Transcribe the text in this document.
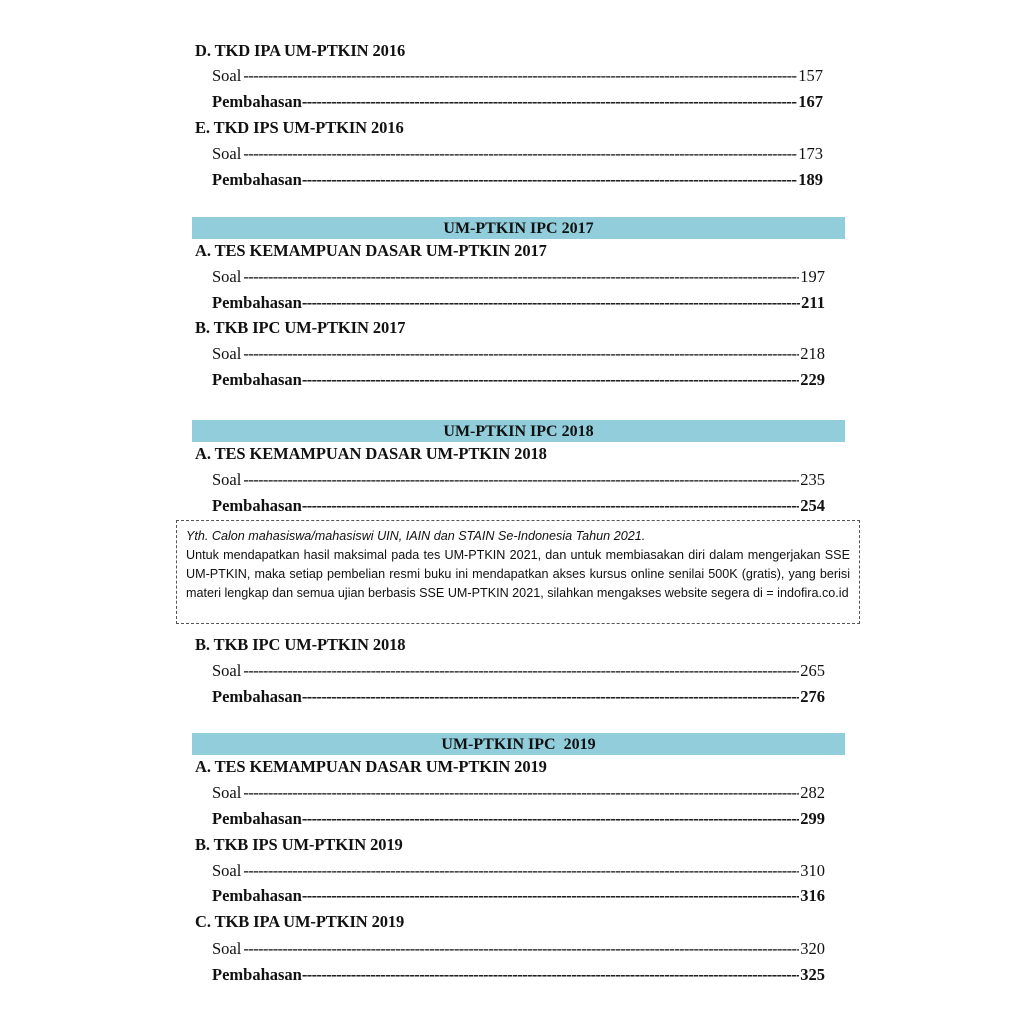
D. TKD IPA UM-PTKIN 2016
Soal -----	157
Pembahasan -----	167
E. TKD IPS UM-PTKIN 2016
Soal -----	173
Pembahasan -----	189
UM-PTKIN IPC 2017
A. TES KEMAMPUAN DASAR UM-PTKIN 2017
Soal -----	197
Pembahasan -----	211
B. TKB IPC UM-PTKIN 2017
Soal -----	218
Pembahasan -----	229
UM-PTKIN IPC 2018
A. TES KEMAMPUAN DASAR UM-PTKIN 2018
Soal -----	235
Pembahasan -----	254
Yth. Calon mahasiswa/mahasiswi UIN, IAIN dan STAIN Se-Indonesia Tahun 2021.
Untuk mendapatkan hasil maksimal pada tes UM-PTKIN 2021, dan untuk membiasakan diri dalam mengerjakan SSE UM-PTKIN, maka setiap pembelian resmi buku ini mendapatkan akses kursus online senilai 500K (gratis), yang berisi materi lengkap dan semua ujian berbasis SSE UM-PTKIN 2021, silahkan mengakses website segera di = indofira.co.id
B. TKB IPC UM-PTKIN 2018
Soal -----	265
Pembahasan -----	276
UM-PTKIN IPC  2019
A. TES KEMAMPUAN DASAR UM-PTKIN 2019
Soal -----	282
Pembahasan -----	299
B. TKB IPS UM-PTKIN 2019
Soal -----	310
Pembahasan -----	316
C. TKB IPA UM-PTKIN 2019
Soal -----	320
Pembahasan -----	325
